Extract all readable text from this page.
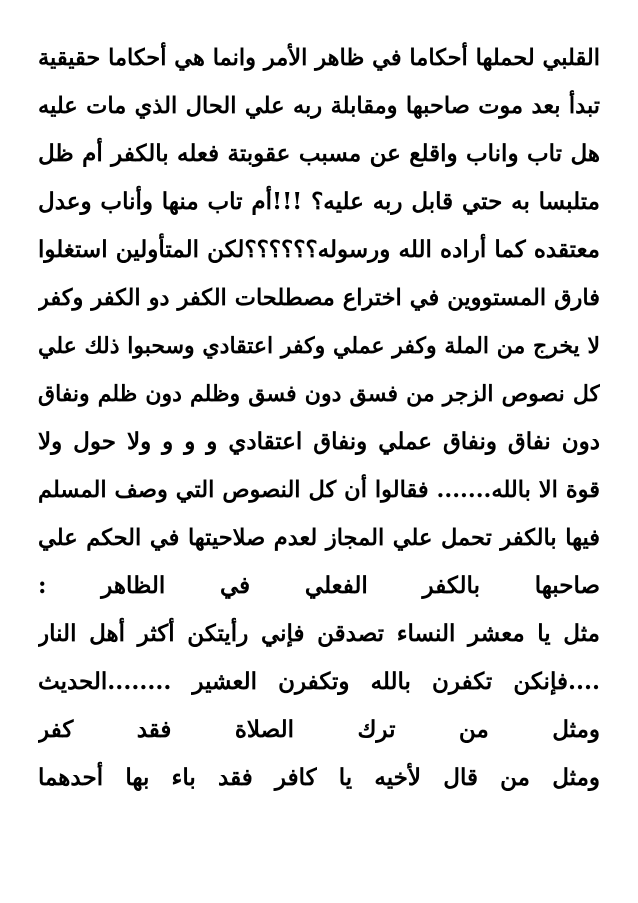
القلبي لحملها أحكاما في ظاهر الأمر وانما هي أحكاما حقيقية
تبدأ بعد موت صاحبها ومقابلة ربه علي الحال الذي مات عليه
هل تاب واناب واقلع عن مسبب عقوبتة فعله بالكفر أم ظل
متلبسا به حتي قابل ربه عليه؟ !!!أم تاب منها وأناب وعدل
معتقده كما أراده الله ورسوله؟؟؟؟؟؟لكن المتأولين استغلوا
فارق المستووين في اختراع مصطلحات الكفر دو الكفر وكفر
لا يخرج من الملة وكفر عملي وكفر اعتقادي وسحبوا ذلك علي
كل نصوص الزجر من فسق دون فسق وظلم دون ظلم ونفاق
دون نفاق ونفاق عملي ونفاق اعتقادي و و و ولا حول ولا
قوة الا بالله....... فقالوا أن كل النصوص التي وصف المسلم
فيها بالكفر تحمل علي المجاز لعدم صلاحيتها في الحكم علي
صاحبها بالكفر الفعلي في الظاهر :
مثل يا معشر النساء تصدقن فإني رأيتكن أكثر أهل النار
....فإنكن تكفرن بالله وتكفرن العشير ........الحديث
ومثل من ترك الصلاة فقد كفر
ومثل من قال لأخيه يا كافر فقد باء بها أحدهما
